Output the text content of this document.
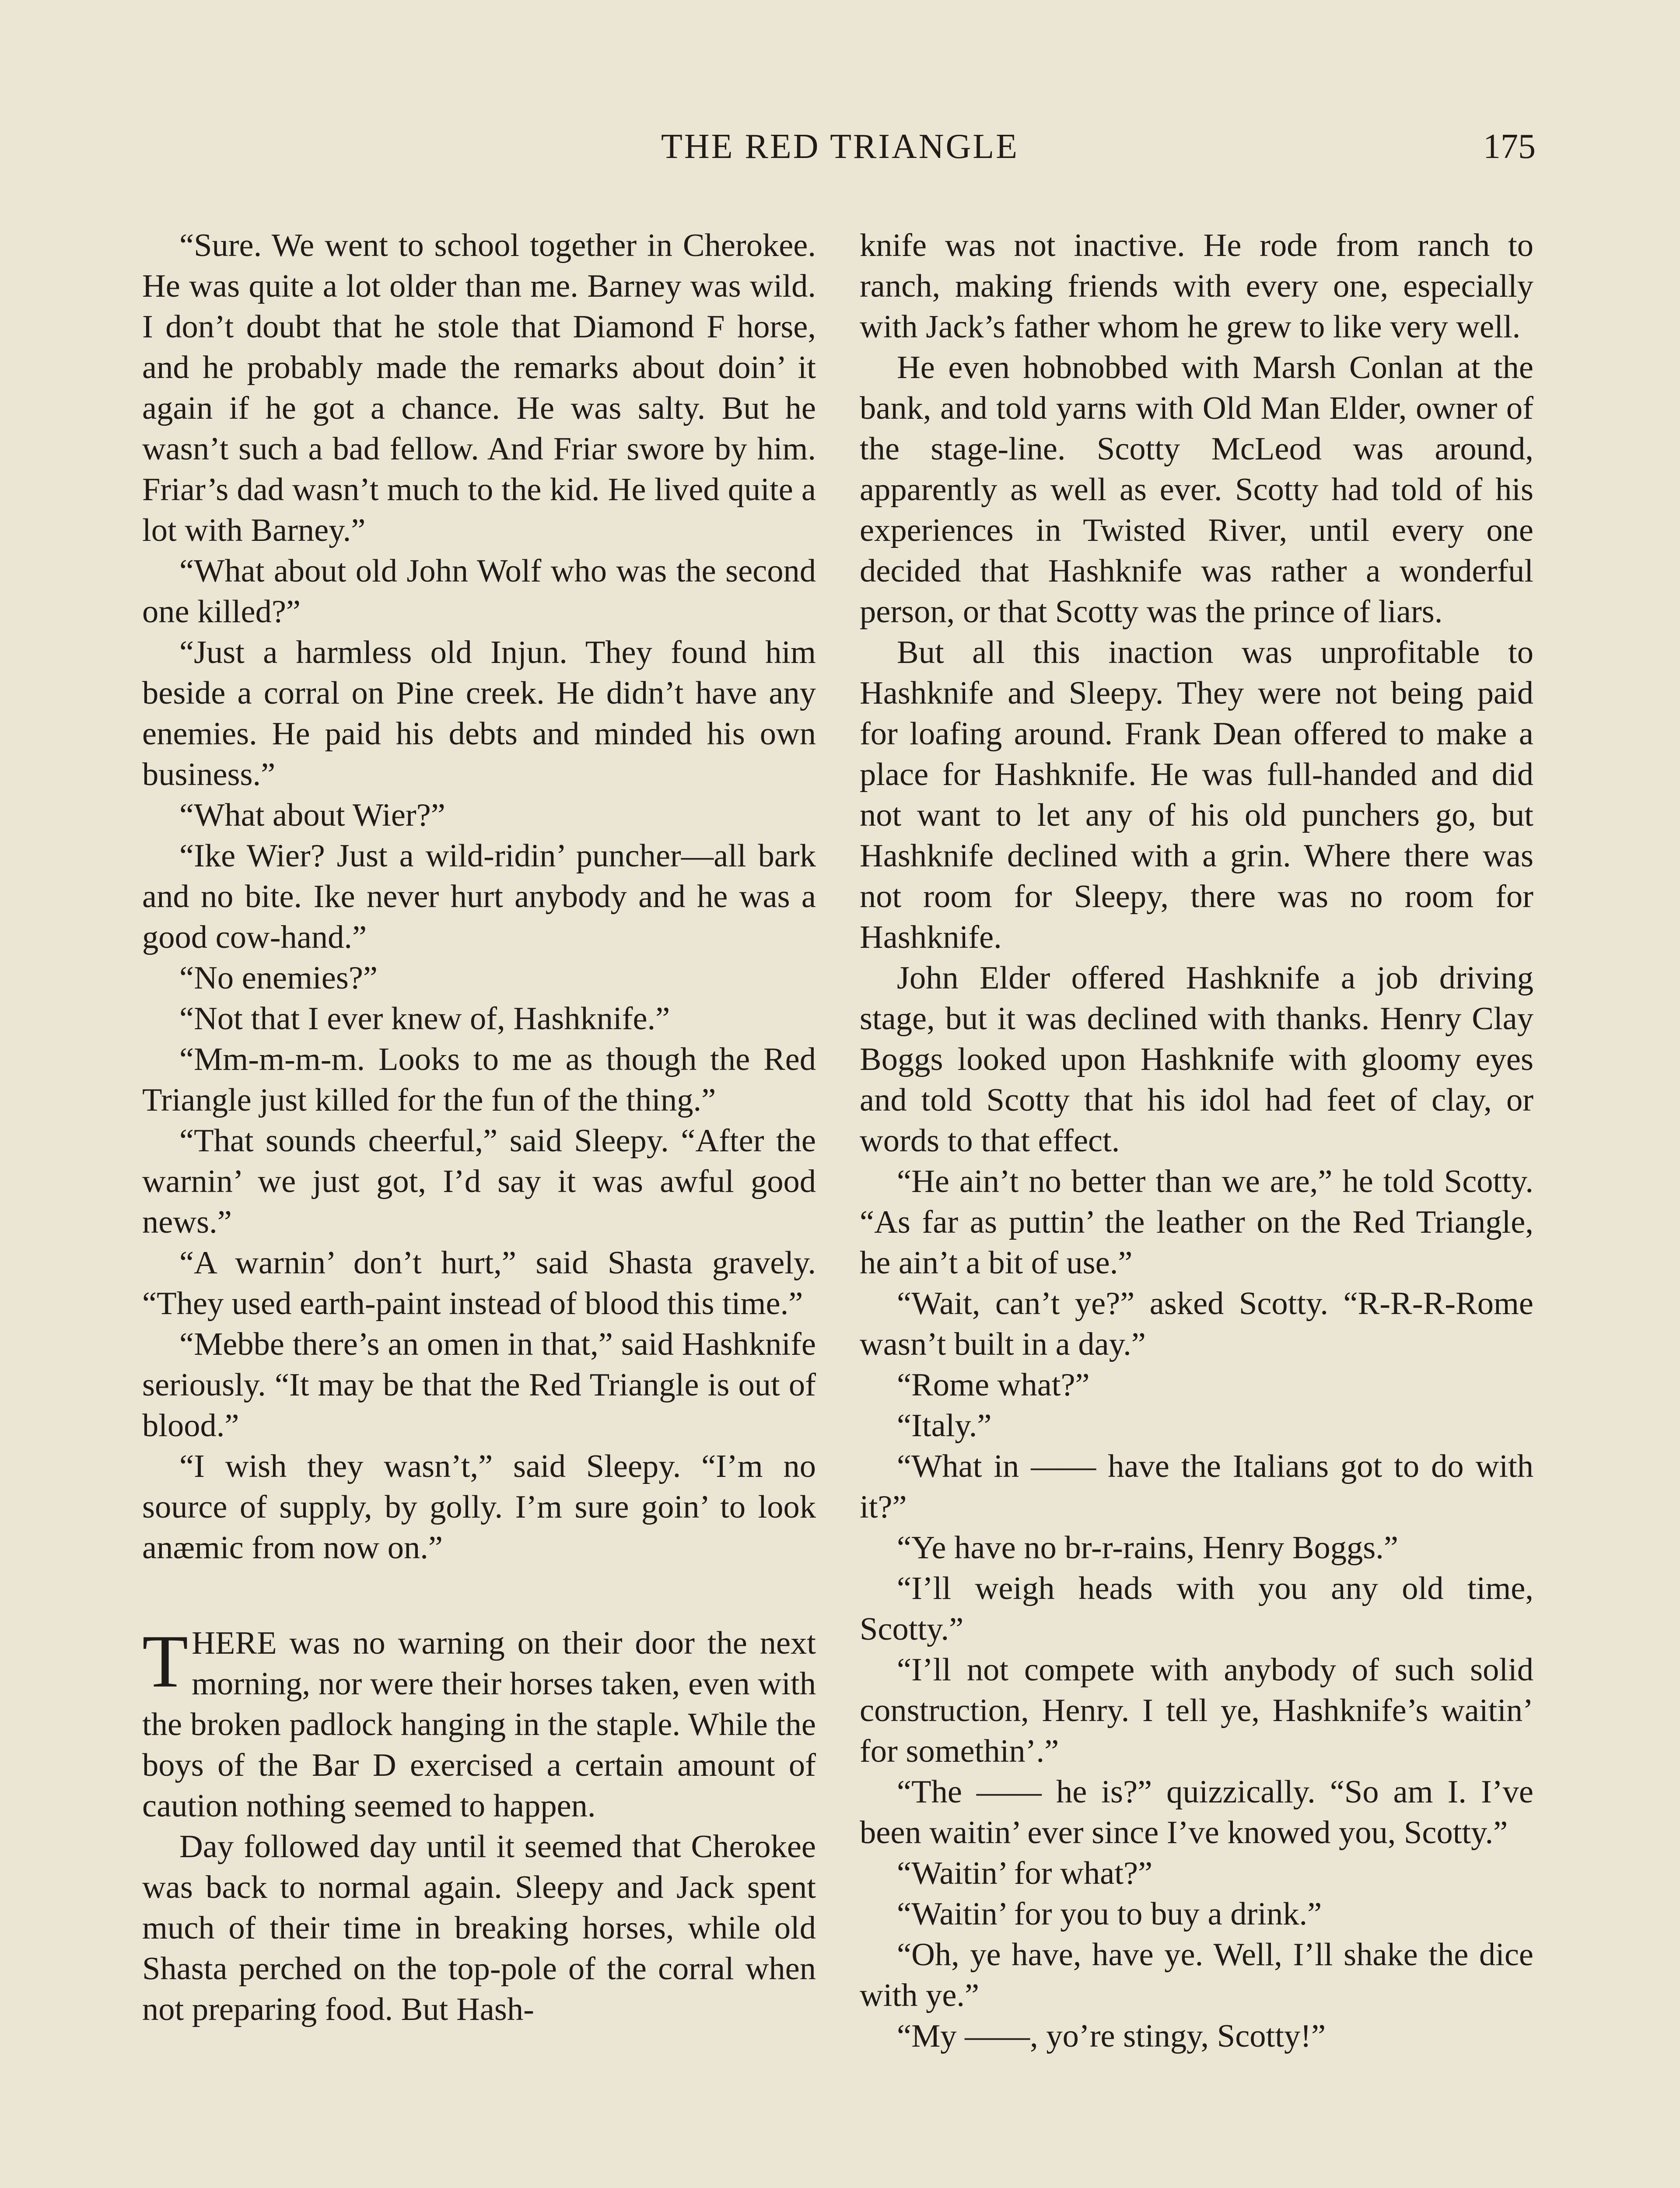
THE RED TRIANGLE	175

“Sure. We went to school together in Cherokee. He was quite a lot older than me. Barney was wild. I don’t doubt that he stole that Diamond F horse, and he probably made the remarks about doin’ it again if he got a chance. He was salty. But he wasn’t such a bad fellow. And Friar swore by him. Friar’s dad wasn’t much to the kid. He lived quite a lot with Barney.”

“What about old John Wolf who was the second one killed?”

“Just a harmless old Injun. They found him beside a corral on Pine creek. He didn’t have any enemies. He paid his debts and minded his own business.”

“What about Wier?”

“Ike Wier? Just a wild-ridin’ puncher—all bark and no bite. Ike never hurt anybody and he was a good cow-hand.”

“No enemies?”

“Not that I ever knew of, Hashknife.”

“Mm-m-m-m. Looks to me as though the Red Triangle just killed for the fun of the thing.”

“That sounds cheerful,” said Sleepy. “After the warnin’ we just got, I’d say it was awful good news.”

“A warnin’ don’t hurt,” said Shasta gravely. “They used earth-paint instead of blood this time.”

“Mebbe there’s an omen in that,” said Hashknife seriously. “It may be that the Red Triangle is out of blood.”

“I wish they wasn’t,” said Sleepy. “I’m no source of supply, by golly. I’m sure goin’ to look anæmic from now on.”

THERE was no warning on their door the next morning, nor were their horses taken, even with the broken padlock hanging in the staple. While the boys of the Bar D exercised a certain amount of caution nothing seemed to happen.

Day followed day until it seemed that Cherokee was back to normal again. Sleepy and Jack spent much of their time in breaking horses, while old Shasta perched on the top-pole of the corral when not preparing food. But Hash-

knife was not inactive. He rode from ranch to ranch, making friends with every one, especially with Jack’s father whom he grew to like very well.

He even hobnobbed with Marsh Conlan at the bank, and told yarns with Old Man Elder, owner of the stage-line. Scotty McLeod was around, apparently as well as ever. Scotty had told of his experiences in Twisted River, until every one decided that Hashknife was rather a wonderful person, or that Scotty was the prince of liars.

But all this inaction was unprofitable to Hashknife and Sleepy. They were not being paid for loafing around. Frank Dean offered to make a place for Hashknife. He was full-handed and did not want to let any of his old punchers go, but Hashknife declined with a grin. Where there was not room for Sleepy, there was no room for Hashknife.

John Elder offered Hashknife a job driving stage, but it was declined with thanks. Henry Clay Boggs looked upon Hashknife with gloomy eyes and told Scotty that his idol had feet of clay, or words to that effect.

“He ain’t no better than we are,” he told Scotty. “As far as puttin’ the leather on the Red Triangle, he ain’t a bit of use.”

“Wait, can’t ye?” asked Scotty. “R-R-R-Rome wasn’t built in a day.”

“Rome what?”

“Italy.”

“What in —— have the Italians got to do with it?”

“Ye have no br-r-rains, Henry Boggs.”

“I’ll weigh heads with you any old time, Scotty.”

“I’ll not compete with anybody of such solid construction, Henry. I tell ye, Hashknife’s waitin’ for somethin’.”

“The —— he is?” quizzically. “So am I. I’ve been waitin’ ever since I’ve knowed you, Scotty.”

“Waitin’ for what?”

“Waitin’ for you to buy a drink.”

“Oh, ye have, have ye. Well, I’ll shake the dice with ye.”

“My ——, yo’re stingy, Scotty!”
